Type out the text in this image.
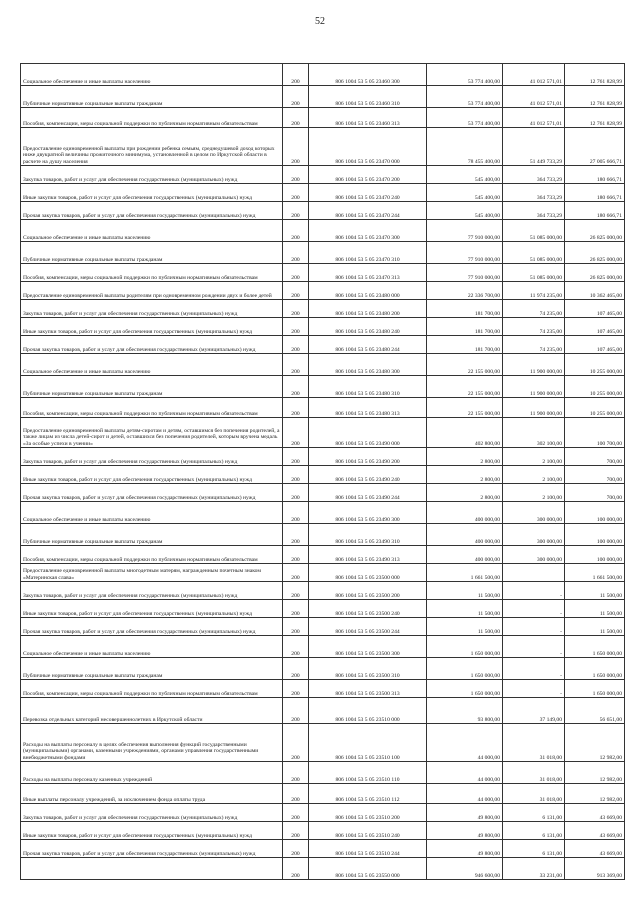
52
Социальное обеспечение и иные выплаты населению	200	806 1004 53 5 05 23460 300	53 774 400,00	41 012 571,01	12 761 828,99
Публичные нормативные социальные выплаты гражданам	200	806 1004 53 5 05 23460 310	53 774 400,00	41 012 571,01	12 761 828,99
Пособия, компенсации, меры социальной поддержки по публичным нормативным обязательствам	200	806 1004 53 5 05 23460 313	53 774 400,00	41 012 571,01	12 761 828,99
Предоставление единовременной выплаты при рождении ребенка семьям, среднедушевой доход которых ниже двукратной величины прожиточного минимума, установленной в целом по Иркутской области в расчете на душу населения	200	806 1004 53 5 05 23470 000	78 455 400,00	51 449 733,29	27 005 666,71
Закупка товаров, работ и услуг для обеспечения государственных (муниципальных) нужд	200	806 1004 53 5 05 23470 200	545 400,00	364 733,29	180 666,71
Иные закупки товаров, работ и услуг для обеспечения государственных (муниципальных) нужд	200	806 1004 53 5 05 23470 240	545 400,00	364 733,29	180 666,71
Прочая закупка товаров, работ и услуг для обеспечения государственных (муниципальных) нужд	200	806 1004 53 5 05 23470 244	545 400,00	364 733,29	180 666,71
Социальное обеспечение и иные выплаты населению	200	806 1004 53 5 05 23470 300	77 910 000,00	51 085 000,00	26 825 000,00
Публичные нормативные социальные выплаты гражданам	200	806 1004 53 5 05 23470 310	77 910 000,00	51 085 000,00	26 825 000,00
Пособия, компенсации, меры социальной поддержки по публичным нормативным обязательствам	200	806 1004 53 5 05 23470 313	77 910 000,00	51 085 000,00	26 825 000,00
Предоставление единовременной выплаты родителям при одновременном рождении двух и более детей	200	806 1004 53 5 05 23480 000	22 336 700,00	11 974 235,00	10 362 465,00
Закупка товаров, работ и услуг для обеспечения государственных (муниципальных) нужд	200	806 1004 53 5 05 23480 200	181 700,00	74 235,00	107 465,00
Иные закупки товаров, работ и услуг для обеспечения государственных (муниципальных) нужд	200	806 1004 53 5 05 23480 240	181 700,00	74 235,00	107 465,00
Прочая закупка товаров, работ и услуг для обеспечения государственных (муниципальных) нужд	200	806 1004 53 5 05 23480 244	181 700,00	74 235,00	107 465,00
Социальное обеспечение и иные выплаты населению	200	806 1004 53 5 05 23480 300	22 155 000,00	11 900 000,00	10 255 000,00
Публичные нормативные социальные выплаты гражданам	200	806 1004 53 5 05 23480 310	22 155 000,00	11 900 000,00	10 255 000,00
Пособия, компенсации, меры социальной поддержки по публичным нормативным обязательствам	200	806 1004 53 5 05 23480 313	22 155 000,00	11 900 000,00	10 255 000,00
Предоставление единовременной выплаты детям-сиротам и детям, оставшимся без попечения родителей, а также лицам из числа детей-сирот и детей, оставшихся без попечения родителей, которым вручена медаль «За особые успехи в учении»	200	806 1004 53 5 05 23490 000	402 800,00	302 100,00	100 700,00
Закупка товаров, работ и услуг для обеспечения государственных (муниципальных) нужд	200	806 1004 53 5 05 23490 200	2 800,00	2 100,00	700,00
Иные закупки товаров, работ и услуг для обеспечения государственных (муниципальных) нужд	200	806 1004 53 5 05 23490 240	2 800,00	2 100,00	700,00
Прочая закупка товаров, работ и услуг для обеспечения государственных (муниципальных) нужд	200	806 1004 53 5 05 23490 244	2 800,00	2 100,00	700,00
Социальное обеспечение и иные выплаты населению	200	806 1004 53 5 05 23490 300	400 000,00	300 000,00	100 000,00
Публичные нормативные социальные выплаты гражданам	200	806 1004 53 5 05 23490 310	400 000,00	300 000,00	100 000,00
Пособия, компенсации, меры социальной поддержки по публичным нормативным обязательствам	200	806 1004 53 5 05 23490 313	400 000,00	300 000,00	100 000,00
Предоставление единовременной выплаты многодетным матерям, награжденным почетным знаком «Материнская слава»	200	806 1004 53 5 05 23500 000	1 661 500,00		1 661 500,00
Закупка товаров, работ и услуг для обеспечения государственных (муниципальных) нужд	200	806 1004 53 5 05 23500 200	11 500,00	-	11 500,00
Иные закупки товаров, работ и услуг для обеспечения государственных (муниципальных) нужд	200	806 1004 53 5 05 23500 240	11 500,00	-	11 500,00
Прочая закупка товаров, работ и услуг для обеспечения государственных (муниципальных) нужд	200	806 1004 53 5 05 23500 244	11 500,00	-	11 500,00
Социальное обеспечение и иные выплаты населению	200	806 1004 53 5 05 23500 300	1 650 000,00	-	1 650 000,00
Публичные нормативные социальные выплаты гражданам	200	806 1004 53 5 05 23500 310	1 650 000,00	-	1 650 000,00
Пособия, компенсации, меры социальной поддержки по публичным нормативным обязательствам	200	806 1004 53 5 05 23500 313	1 650 000,00	-	1 650 000,00
Перевозка отдельных категорий несовершеннолетних в Иркутской области	200	806 1004 53 5 05 23510 000	93 800,00	37 149,00	56 651,00
Расходы на выплаты персоналу в целях обеспечения выполнения функций государственными (муниципальными) органами, казенными учреждениями, органами управления государственными внебюджетными фондами	200	806 1004 53 5 05 23510 100	44 000,00	31 018,00	12 982,00
Расходы на выплаты персоналу казенных учреждений	200	806 1004 53 5 05 23510 110	44 000,00	31 018,00	12 982,00
Иные выплаты персоналу учреждений, за исключением фонда оплаты труда	200	806 1004 53 5 05 23510 112	44 000,00	31 018,00	12 982,00
Закупка товаров, работ и услуг для обеспечения государственных (муниципальных) нужд	200	806 1004 53 5 05 23510 200	49 800,00	6 131,00	43 669,00
Иные закупки товаров, работ и услуг для обеспечения государственных (муниципальных) нужд	200	806 1004 53 5 05 23510 240	49 800,00	6 131,00	43 669,00
Прочая закупка товаров, работ и услуг для обеспечения государственных (муниципальных) нужд	200	806 1004 53 5 05 23510 244	49 800,00	6 131,00	43 669,00
	200	806 1004 53 5 05 23550 000	946 600,00	33 231,00	913 369,00
